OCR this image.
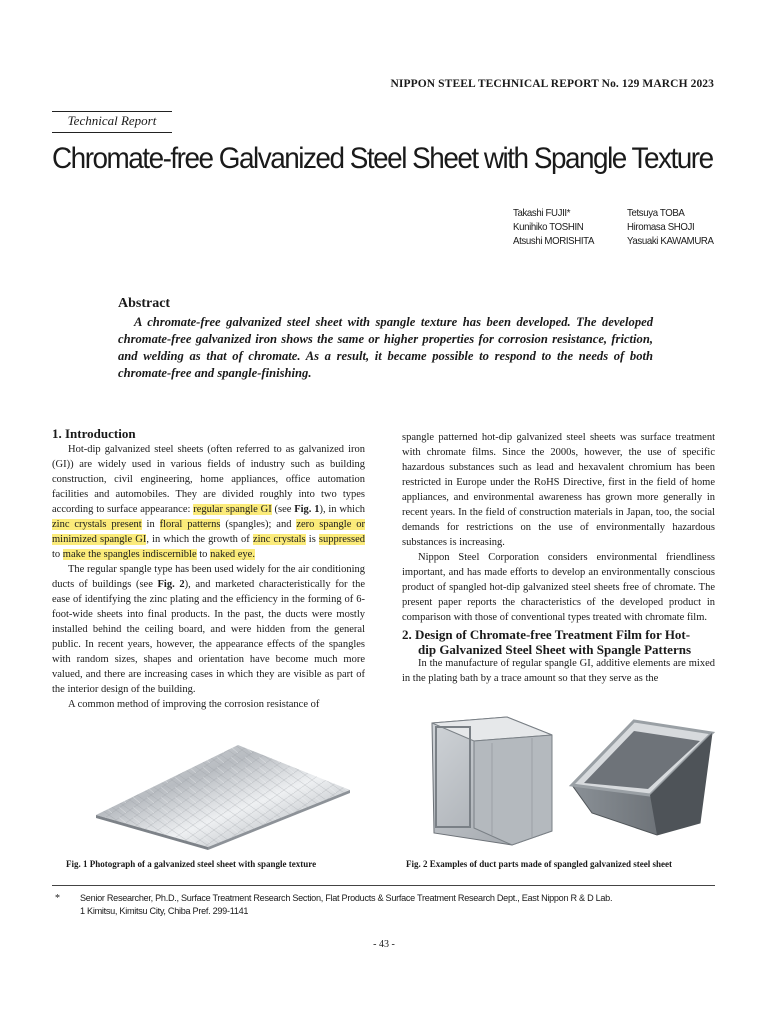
NIPPON STEEL TECHNICAL REPORT No. 129 MARCH 2023
Technical Report
Chromate-free Galvanized Steel Sheet with Spangle Texture
Takashi FUJII*
Kunihiko TOSHIN
Atsushi MORISHITA
Tetsuya TOBA
Hiromasa SHOJI
Yasuaki KAWAMURA
Abstract
A chromate-free galvanized steel sheet with spangle texture has been developed. The developed chromate-free galvanized iron shows the same or higher properties for corrosion resistance, friction, and welding as that of chromate. As a result, it became possible to respond to the needs of both chromate-free and spangle-finishing.
1. Introduction

Hot-dip galvanized steel sheets (often referred to as galvanized iron (GI)) are widely used in various fields of industry such as building construction, civil engineering, home appliances, office automation facilities and automobiles. They are divided roughly into two types according to surface appearance: regular spangle GI (see Fig. 1), in which zinc crystals present in floral patterns (spangles); and zero spangle or minimized spangle GI, in which the growth of zinc crystals is suppressed to make the spangles indiscernible to naked eye.

The regular spangle type has been used widely for the air conditioning ducts of buildings (see Fig. 2), and marketed characteristically for the ease of identifying the zinc plating and the efficiency in the forming of 6-foot-wide sheets into final products. In the past, the ducts were mostly installed behind the ceiling board, and were hidden from the general public. In recent years, however, the appearance effects of the spangles with random sizes, shapes and orientation have become much more valued, and there are increasing cases in which they are visible as part of the interior design of the building.

A common method of improving the corrosion resistance of

spangle patterned hot-dip galvanized steel sheets was surface treatment with chromate films. Since the 2000s, however, the use of specific hazardous substances such as lead and hexavalent chromium has been restricted in Europe under the RoHS Directive, first in the field of home appliances, and environmental awareness has grown more generally in recent years. In the field of construction materials in Japan, too, the social demands for restrictions on the use of environmentally hazardous substances is increasing.

Nippon Steel Corporation considers environmental friendliness important, and has made efforts to develop an environmentally conscious product of spangled hot-dip galvanized steel sheets free of chromate. The present paper reports the characteristics of the developed product in comparison with those of conventional types treated with chromate film.

2. Design of Chromate-free Treatment Film for Hot-
dip Galvanized Steel Sheet with Spangle Patterns

In the manufacture of regular spangle GI, additive elements are mixed in the plating bath by a trace amount so that they serve as the

Fig. 1 Photograph of a galvanized steel sheet with spangle texture	Fig. 2 Examples of duct parts made of spangled galvanized steel sheet
* Senior Researcher, Ph.D., Surface Treatment Research Section, Flat Products & Surface Treatment Research Dept., East Nippon R & D Lab.
1 Kimitsu, Kimitsu City, Chiba Pref. 299-1141
- 43 -
